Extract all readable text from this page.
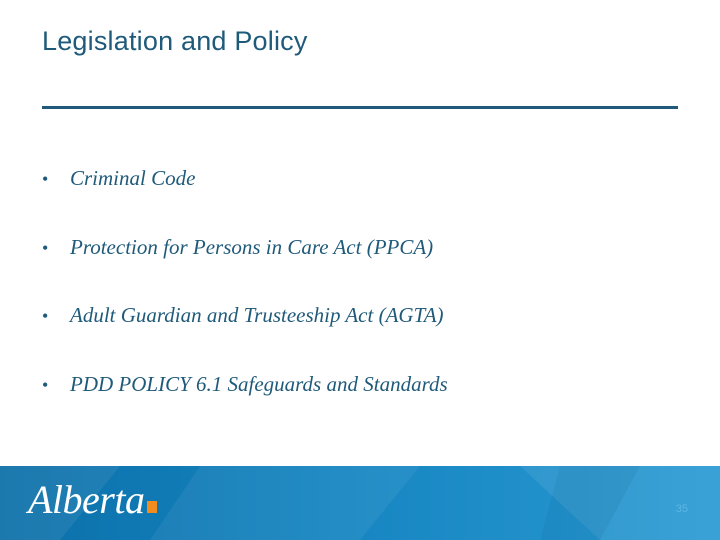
Legislation and Policy
•	Criminal Code
•	Protection for Persons in Care Act (PPCA)
•	Adult Guardian and Trusteeship Act (AGTA)
•	PDD POLICY 6.1 Safeguards and Standards
Alberta	35
